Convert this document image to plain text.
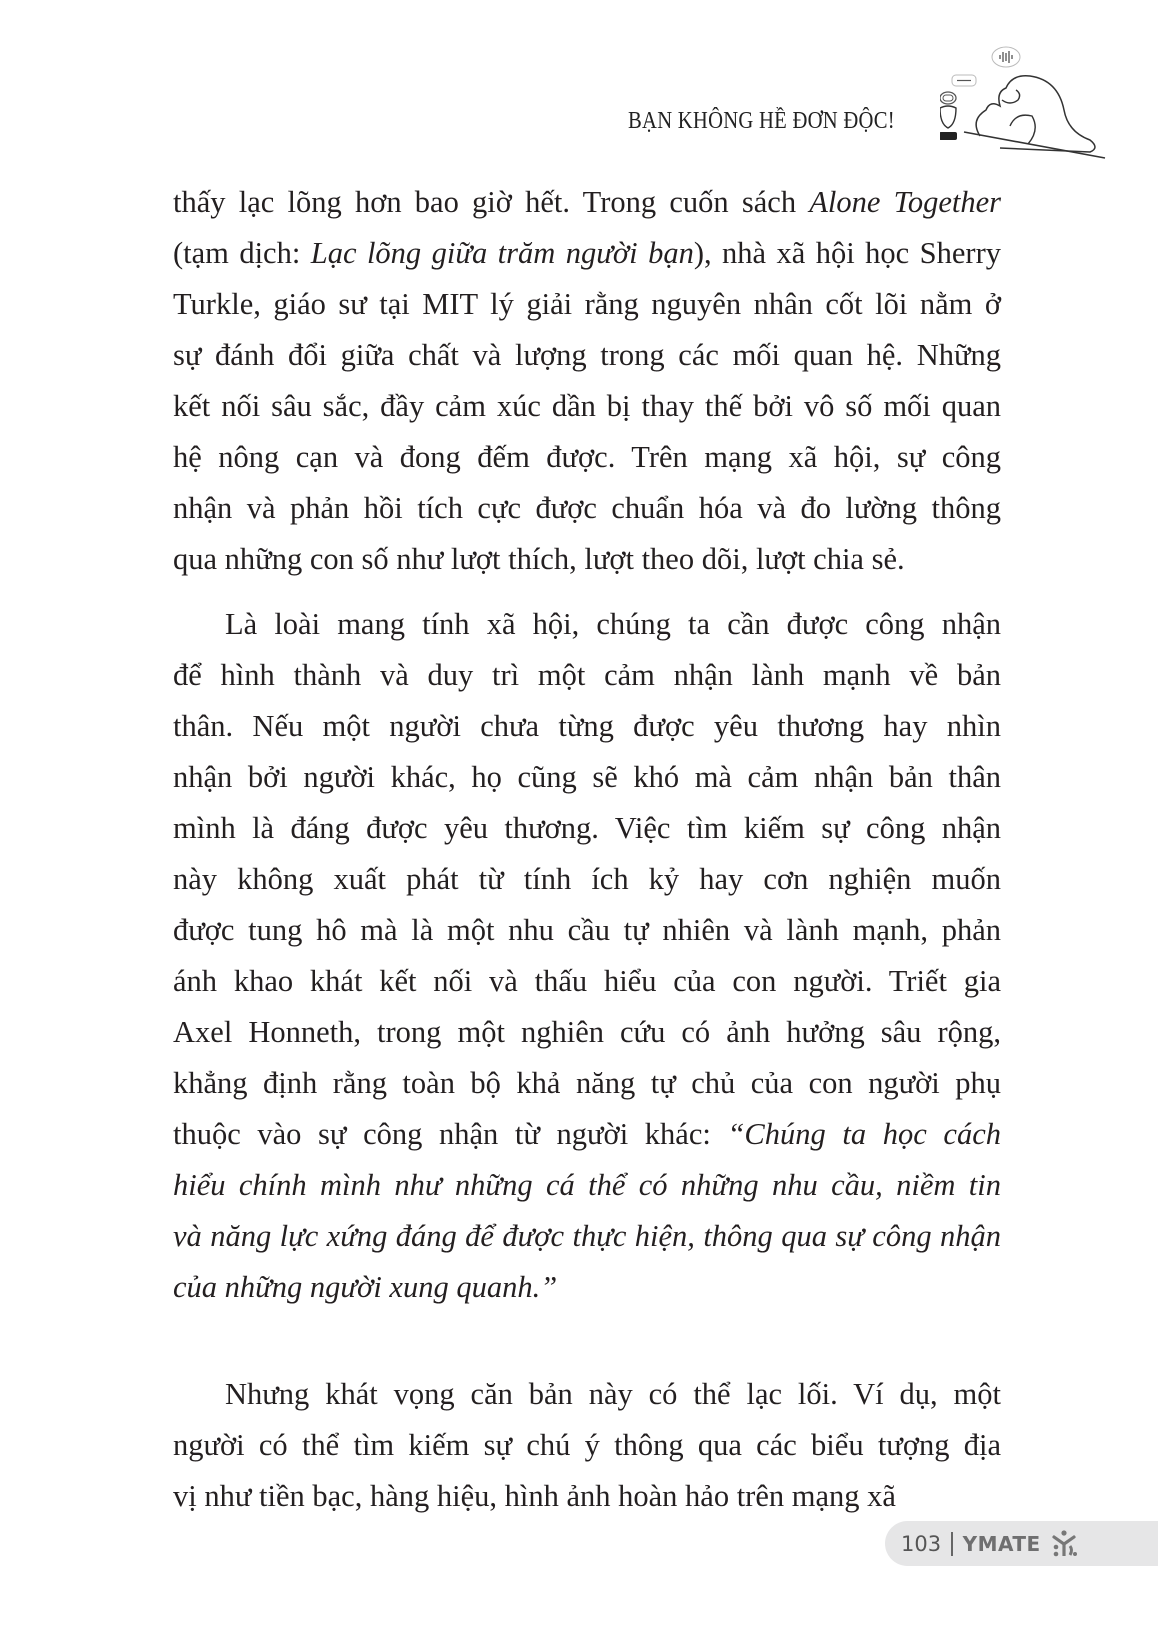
BẠN KHÔNG HỀ ĐƠN ĐỘC!
thấy lạc lõng hơn bao giờ hết. Trong cuốn sách Alone Together
(tạm dịch: Lạc lõng giữa trăm người bạn), nhà xã hội học Sherry
Turkle, giáo sư tại MIT lý giải rằng nguyên nhân cốt lõi nằm ở
sự đánh đổi giữa chất và lượng trong các mối quan hệ. Những
kết nối sâu sắc, đầy cảm xúc dần bị thay thế bởi vô số mối quan
hệ nông cạn và đong đếm được. Trên mạng xã hội, sự công
nhận và phản hồi tích cực được chuẩn hóa và đo lường thông
qua những con số như lượt thích, lượt theo dõi, lượt chia sẻ.
Là loài mang tính xã hội, chúng ta cần được công nhận
để hình thành và duy trì một cảm nhận lành mạnh về bản
thân. Nếu một người chưa từng được yêu thương hay nhìn
nhận bởi người khác, họ cũng sẽ khó mà cảm nhận bản thân
mình là đáng được yêu thương. Việc tìm kiếm sự công nhận
này không xuất phát từ tính ích kỷ hay cơn nghiện muốn
được tung hô mà là một nhu cầu tự nhiên và lành mạnh, phản
ánh khao khát kết nối và thấu hiểu của con người. Triết gia
Axel Honneth, trong một nghiên cứu có ảnh hưởng sâu rộng,
khẳng định rằng toàn bộ khả năng tự chủ của con người phụ
thuộc vào sự công nhận từ người khác: “Chúng ta học cách
hiểu chính mình như những cá thể có những nhu cầu, niềm tin
và năng lực xứng đáng để được thực hiện, thông qua sự công nhận
của những người xung quanh.”
Nhưng khát vọng căn bản này có thể lạc lối. Ví dụ, một
người có thể tìm kiếm sự chú ý thông qua các biểu tượng địa
vị như tiền bạc, hàng hiệu, hình ảnh hoàn hảo trên mạng xã
103 YMATE
